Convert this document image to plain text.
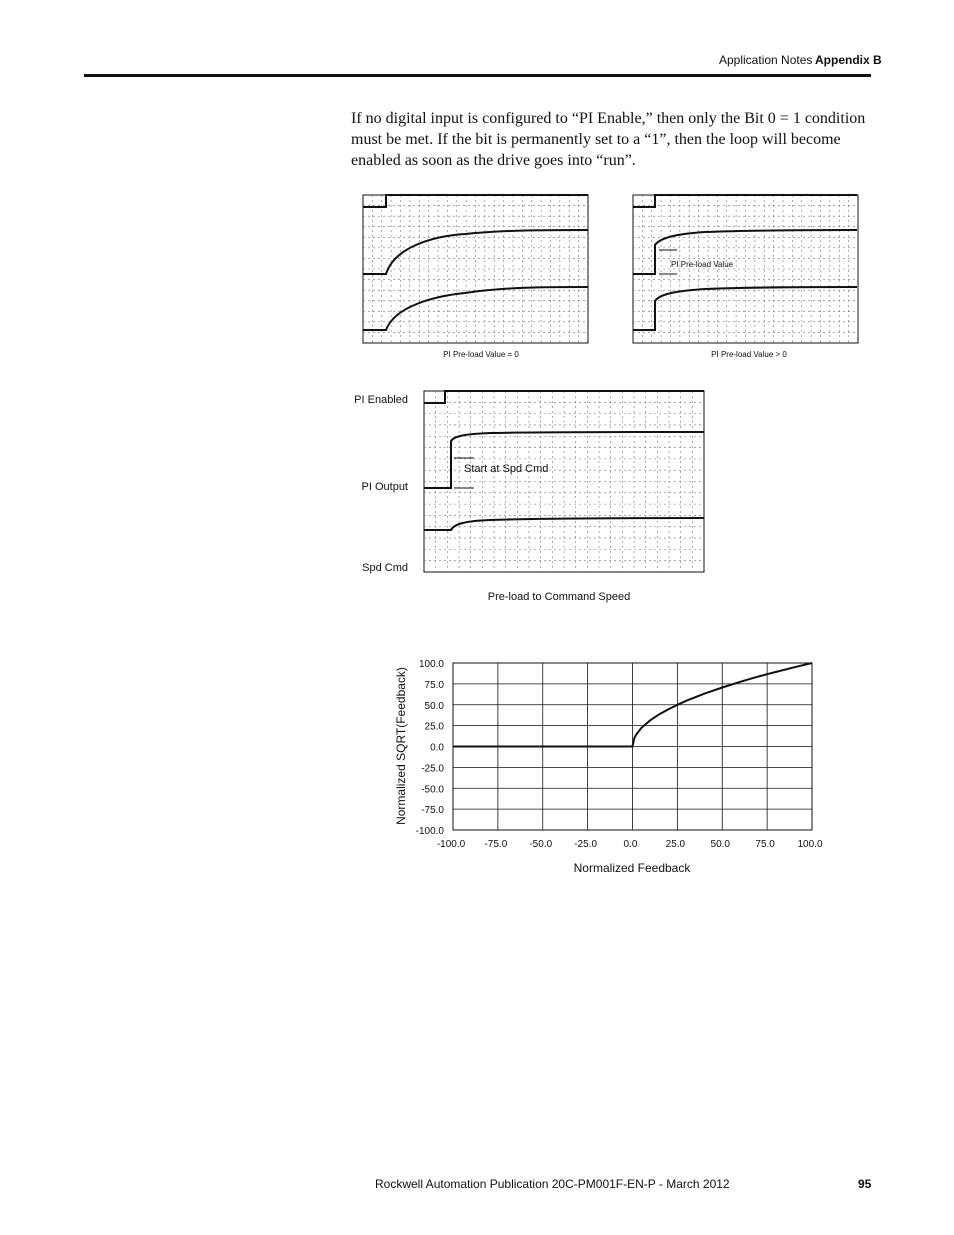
Application Notes Appendix B

If no digital input is configured to “PI Enable,” then only the Bit 0 = 1 condition must be met. If the bit is permanently set to a “1”, then the loop will become enabled as soon as the drive goes into “run”.

PI Pre-load Value
PI Pre-load Value = 0	PI Pre-load Value > 0
PI Enabled
PI Output
Spd Cmd
Start at Spd Cmd
Pre-load to Command Speed
100.0
75.0
50.0
25.0
0.0
-25.0
-50.0
-75.0
-100.0
-100.0 -75.0 -50.0 -25.0	0.0	25.0	50.0	75.0 100.0
Normalized Feedback
Normalized SQRT(Feedback)
Rockwell Automation Publication 20C-PM001F-EN-P - March 2012	95
